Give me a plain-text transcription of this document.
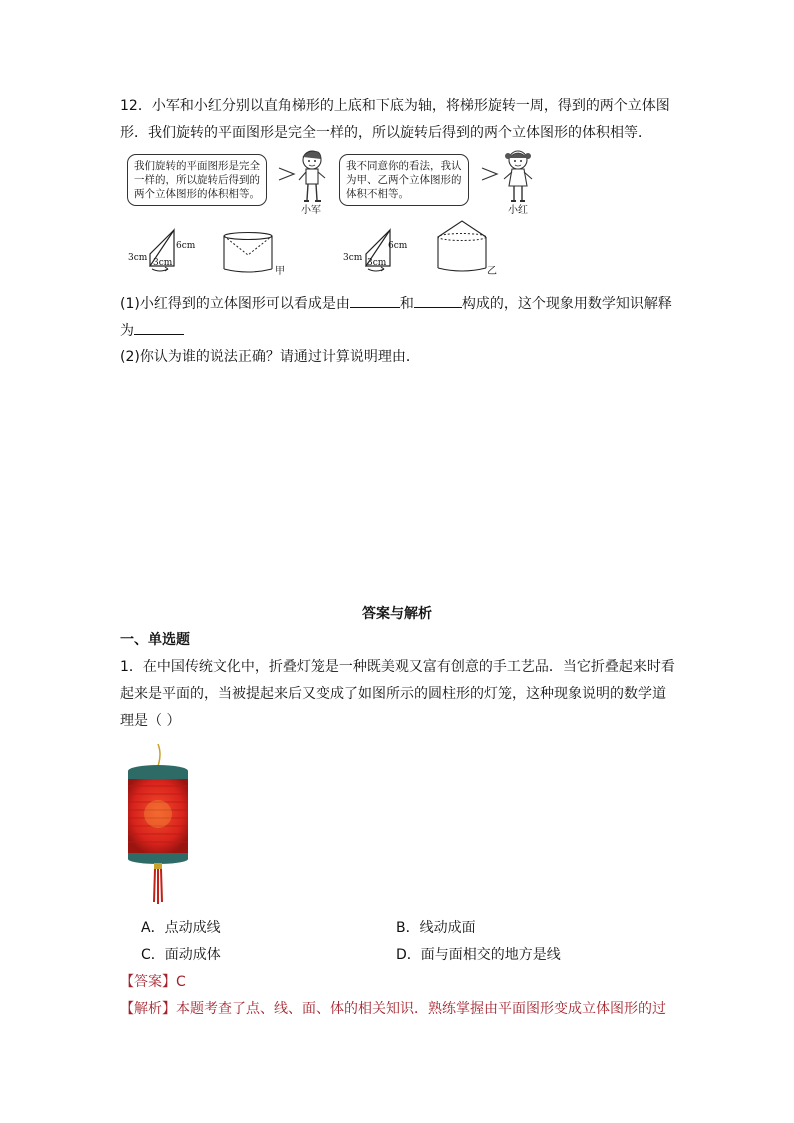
12．小军和小红分别以直角梯形的上底和下底为轴，将梯形旋转一周，得到的两个立体图
形．我们旋转的平面图形是完全一样的，所以旋转后得到的两个立体图形的体积相等．
我们旋转的平面图形是完全
一样的，所以旋转后得到的
两个立体图形的体积相等。
小军
我不同意你的看法，我认
为甲、乙两个立体图形的
体积不相等。
小红
3cm 3cm
6cm
甲
3cm 3cm
6cm
乙
(1)小红得到的立体图形可以看成是由	和	构成的，这个现象用数学知识解释
为
(2)你认为谁的说法正确？请通过计算说明理由．
答案与解析
一、单选题
1．在中国传统文化中，折叠灯笼是一种既美观又富有创意的手工艺品．当它折叠起来时看
起来是平面的，当被提起来后又变成了如图所示的圆柱形的灯笼，这种现象说明的数学道
理是（ ）
A．点动成线	B．线动成面
C．面动成体	D．面与面相交的地方是线
【答案】C
【解析】本题考查了点、线、面、体的相关知识．熟练掌握由平面图形变成立体图形的过
